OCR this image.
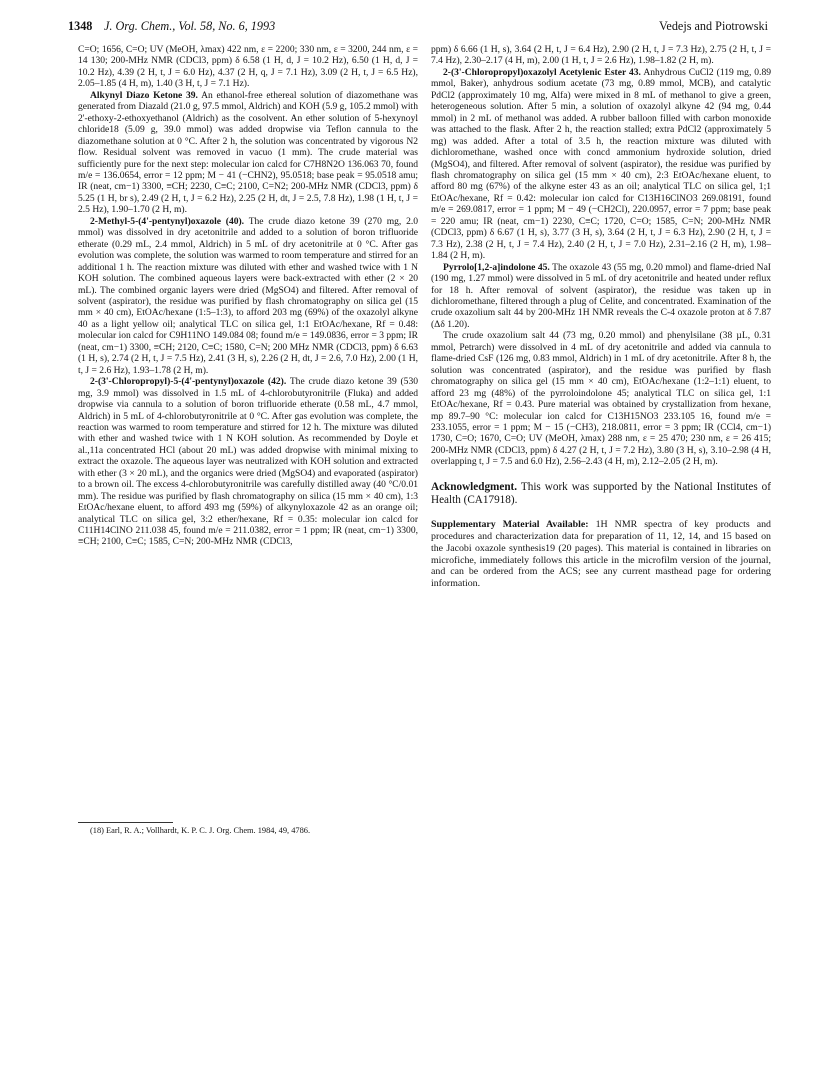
1348 J. Org. Chem., Vol. 58, No. 6, 1993	Vedejs and Piotrowski

C=O; 1656, C=O; UV (MeOH, λmax) 422 nm, ε = 2200; 330 nm, ε = 3200, 244 nm, ε = 14 130; 200-MHz NMR (CDCl3, ppm) δ 6.58 (1 H, d, J = 10.2 Hz), 6.50 (1 H, d, J = 10.2 Hz), 4.39 (2 H, t, J = 6.0 Hz), 4.37 (2 H, q, J = 7.1 Hz), 3.09 (2 H, t, J = 6.5 Hz), 2.05–1.85 (4 H, m), 1.40 (3 H, t, J = 7.1 Hz).

Alkynyl Diazo Ketone 39. An ethanol-free ethereal solution of diazomethane was generated from Diazald (21.0 g, 97.5 mmol, Aldrich) and KOH (5.9 g, 105.2 mmol) with 2'-ethoxy-2-ethoxyethanol (Aldrich) as the cosolvent. An ether solution of 5-hexynoyl chloride18 (5.09 g, 39.0 mmol) was added dropwise via Teflon cannula to the diazomethane solution at 0 °C. After 2 h, the solution was concentrated by vigorous N2 flow. Residual solvent was removed in vacuo (1 mm). The crude material was sufficiently pure for the next step: molecular ion calcd for C7H8N2O 136.063 70, found m/e = 136.0654, error = 12 ppm; M − 41 (−CHN2), 95.0518; base peak = 95.0518 amu; IR (neat, cm−1) 3300, ≡CH; 2230, C≡C; 2100, C=N2; 200-MHz NMR (CDCl3, ppm) δ 5.25 (1 H, br s), 2.49 (2 H, t, J = 6.2 Hz), 2.25 (2 H, dt, J = 2.5, 7.8 Hz), 1.98 (1 H, t, J = 2.5 Hz), 1.90–1.70 (2 H, m).

2-Methyl-5-(4'-pentynyl)oxazole (40). The crude diazo ketone 39 (270 mg, 2.0 mmol) was dissolved in dry acetonitrile and added to a solution of boron trifluoride etherate (0.29 mL, 2.4 mmol, Aldrich) in 5 mL of dry acetonitrile at 0 °C. After gas evolution was complete, the solution was warmed to room temperature and stirred for an additional 1 h. The reaction mixture was diluted with ether and washed twice with 1 N KOH solution. The combined aqueous layers were back-extracted with ether (2 × 20 mL). The combined organic layers were dried (MgSO4) and filtered. After removal of solvent (aspirator), the residue was purified by flash chromatography on silica gel (15 mm × 40 cm), EtOAc/hexane (1:5–1:3), to afford 203 mg (69%) of the oxazolyl alkyne 40 as a light yellow oil; analytical TLC on silica gel, 1:1 EtOAc/hexane, Rf = 0.48: molecular ion calcd for C9H11NO 149.084 08; found m/e = 149.0836, error = 3 ppm; IR (neat, cm−1) 3300, ≡CH; 2120, C≡C; 1580, C=N; 200 MHz NMR (CDCl3, ppm) δ 6.63 (1 H, s), 2.74 (2 H, t, J = 7.5 Hz), 2.41 (3 H, s), 2.26 (2 H, dt, J = 2.6, 7.0 Hz), 2.00 (1 H, t, J = 2.6 Hz), 1.93–1.78 (2 H, m).

2-(3'-Chloropropyl)-5-(4'-pentynyl)oxazole (42). The crude diazo ketone 39 (530 mg, 3.9 mmol) was dissolved in 1.5 mL of 4-chlorobutyronitrile (Fluka) and added dropwise via cannula to a solution of boron trifluoride etherate (0.58 mL, 4.7 mmol, Aldrich) in 5 mL of 4-chlorobutyronitrile at 0 °C. After gas evolution was complete, the reaction was warmed to room temperature and stirred for 12 h. The mixture was diluted with ether and washed twice with 1 N KOH solution. As recommended by Doyle et al.,11a concentrated HCl (about 20 mL) was added dropwise with minimal mixing to extract the oxazole. The aqueous layer was neutralized with KOH solution and extracted with ether (3 × 20 mL), and the organics were dried (MgSO4) and evaporated (aspirator) to a brown oil. The excess 4-chlorobutyronitrile was carefully distilled away (40 °C/0.01 mm). The residue was purified by flash chromatography on silica (15 mm × 40 cm), 1:3 EtOAc/hexane eluent, to afford 493 mg (59%) of alkynyloxazole 42 as an orange oil; analytical TLC on silica gel, 3:2 ether/hexane, Rf = 0.35: molecular ion calcd for C11H14ClNO 211.038 45, found m/e = 211.0382, error = 1 ppm; IR (neat, cm−1) 3300, ≡CH; 2100, C≡C; 1585, C=N; 200-MHz NMR (CDCl3,

ppm) δ 6.66 (1 H, s), 3.64 (2 H, t, J = 6.4 Hz), 2.90 (2 H, t, J = 7.3 Hz), 2.75 (2 H, t, J = 7.4 Hz), 2.30–2.17 (4 H, m), 2.00 (1 H, t, J = 2.6 Hz), 1.98–1.82 (2 H, m).

2-(3'-Chloropropyl)oxazolyl Acetylenic Ester 43. Anhydrous CuCl2 (119 mg, 0.89 mmol, Baker), anhydrous sodium acetate (73 mg, 0.89 mmol, MCB), and catalytic PdCl2 (approximately 10 mg, Alfa) were mixed in 8 mL of methanol to give a green, heterogeneous solution. After 5 min, a solution of oxazolyl alkyne 42 (94 mg, 0.44 mmol) in 2 mL of methanol was added. A rubber balloon filled with carbon monoxide was attached to the flask. After 2 h, the reaction stalled; extra PdCl2 (approximately 5 mg) was added. After a total of 3.5 h, the reaction mixture was diluted with dichloromethane, washed once with concd ammonium hydroxide solution, dried (MgSO4), and filtered. After removal of solvent (aspirator), the residue was purified by flash chromatography on silica gel (15 mm × 40 cm), 2:3 EtOAc/hexane eluent, to afford 80 mg (67%) of the alkyne ester 43 as an oil; analytical TLC on silica gel, 1;1 EtOAc/hexane, Rf = 0.42: molecular ion calcd for C13H16ClNO3 269.08191, found m/e = 269.0817, error = 1 ppm; M − 49 (−CH2Cl), 220.0957, error = 7 ppm; base peak = 220 amu; IR (neat, cm−1) 2230, C≡C; 1720, C=O; 1585, C=N; 200-MHz NMR (CDCl3, ppm) δ 6.67 (1 H, s), 3.77 (3 H, s), 3.64 (2 H, t, J = 6.3 Hz), 2.90 (2 H, t, J = 7.3 Hz), 2.38 (2 H, t, J = 7.4 Hz), 2.40 (2 H, t, J = 7.0 Hz), 2.31–2.16 (2 H, m), 1.98–1.84 (2 H, m).

Pyrrolo[1,2-a]indolone 45. The oxazole 43 (55 mg, 0.20 mmol) and flame-dried NaI (190 mg, 1.27 mmol) were dissolved in 5 mL of dry acetonitrile and heated under reflux for 18 h. After removal of solvent (aspirator), the residue was taken up in dichloromethane, filtered through a plug of Celite, and concentrated. Examination of the crude oxazolium salt 44 by 200-MHz 1H NMR reveals the C-4 oxazole proton at δ 7.87 (Δδ 1.20).

The crude oxazolium salt 44 (73 mg, 0.20 mmol) and phenylsilane (38 µL, 0.31 mmol, Petrarch) were dissolved in 4 mL of dry acetonitrile and added via cannula to flame-dried CsF (126 mg, 0.83 mmol, Aldrich) in 1 mL of dry acetonitrile. After 8 h, the solution was concentrated (aspirator), and the residue was purified by flash chromatography on silica gel (15 mm × 40 cm), EtOAc/hexane (1:2–1:1) eluent, to afford 23 mg (48%) of the pyrroloindolone 45; analytical TLC on silica gel, 1:1 EtOAc/hexane, Rf = 0.43. Pure material was obtained by crystallization from hexane, mp 89.7–90 °C: molecular ion calcd for C13H15NO3 233.105 16, found m/e = 233.1055, error = 1 ppm; M − 15 (−CH3), 218.0811, error = 3 ppm; IR (CCl4, cm−1) 1730, C=O; 1670, C=O; UV (MeOH, λmax) 288 nm, ε = 25 470; 230 nm, ε = 26 415; 200-MHz NMR (CDCl3, ppm) δ 4.27 (2 H, t, J = 7.2 Hz), 3.80 (3 H, s), 3.10–2.98 (4 H, overlapping t, J = 7.5 and 6.0 Hz), 2.56–2.43 (4 H, m), 2.12–2.05 (2 H, m).

Acknowledgment. This work was supported by the National Institutes of Health (CA17918).

Supplementary Material Available: 1H NMR spectra of key products and procedures and characterization data for preparation of 11, 12, 14, and 15 based on the Jacobi oxazole synthesis19 (20 pages). This material is contained in libraries on microfiche, immediately follows this article in the microfilm version of the journal, and can be ordered from the ACS; see any current masthead page for ordering information.

(18) Earl, R. A.; Vollhardt, K. P. C. J. Org. Chem. 1984, 49, 4786.
